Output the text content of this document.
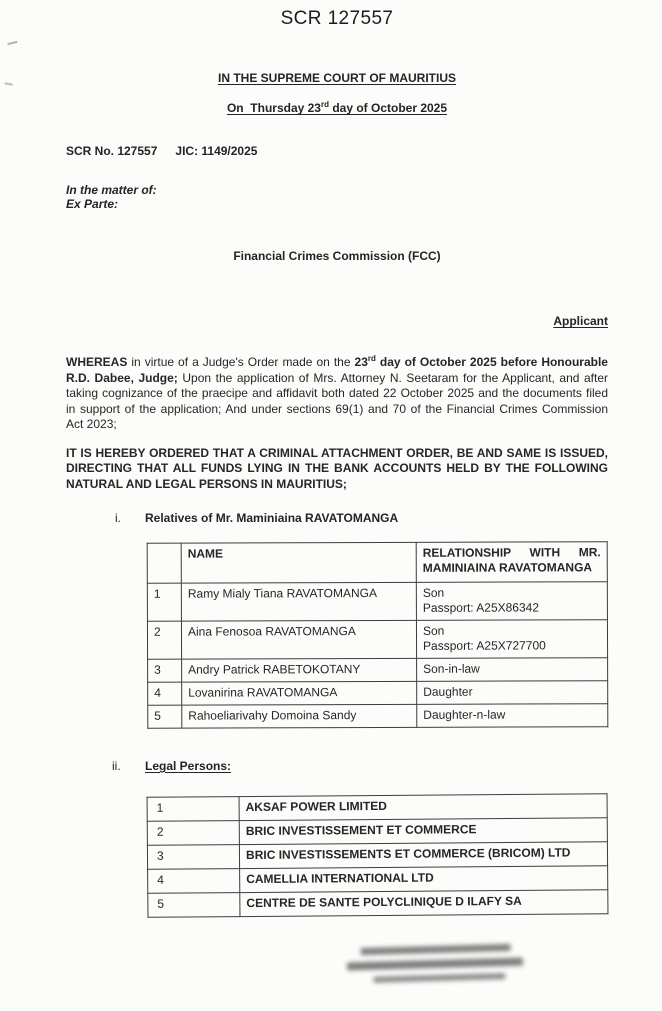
SCR 127557
IN THE SUPREME COURT OF MAURITIUS
On  Thursday 23rd day of October 2025
SCR No. 127557 JIC: 1149/2025
In the matter of:
Ex Parte:
Financial Crimes Commission (FCC)
Applicant

WHEREAS in virtue of a Judge's Order made on the 23rd day of October 2025 before Honourable R.D. Dabee, Judge; Upon the application of Mrs. Attorney N. Seetaram for the Applicant, and after taking cognizance of the praecipe and affidavit both dated 22 October 2025 and the documents filed in support of the application; And under sections 69(1) and 70 of the Financial Crimes Commission Act 2023;

IT IS HEREBY ORDERED THAT A CRIMINAL ATTACHMENT ORDER, BE AND SAME IS ISSUED, DIRECTING THAT ALL FUNDS LYING IN THE BANK ACCOUNTS HELD BY THE FOLLOWING NATURAL AND LEGAL PERSONS IN MAURITIUS;

i. Relatives of Mr. Maminiaina RAVATOMANGA
	NAME	RELATIONSHIP WITH MR. MAMINIAINA RAVATOMANGA
1	Ramy Mialy Tiana RAVATOMANGA	Son
Passport: A25X86342

2	Aina Fenosoa RAVATOMANGA	Son
Passport: A25X727700

3	Andry Patrick RABETOKOTANY	Son-in-law
4	Lovanirina RAVATOMANGA	Daughter
5	Rahoeliarivahy Domoina Sandy	Daughter-n-law
ii. Legal Persons:
1	AKSAF POWER LIMITED
2	BRIC INVESTISSEMENT ET COMMERCE
3	BRIC INVESTISSEMENTS ET COMMERCE (BRICOM) LTD
4	CAMELLIA INTERNATIONAL LTD
5	CENTRE DE SANTE POLYCLINIQUE D ILAFY SA
